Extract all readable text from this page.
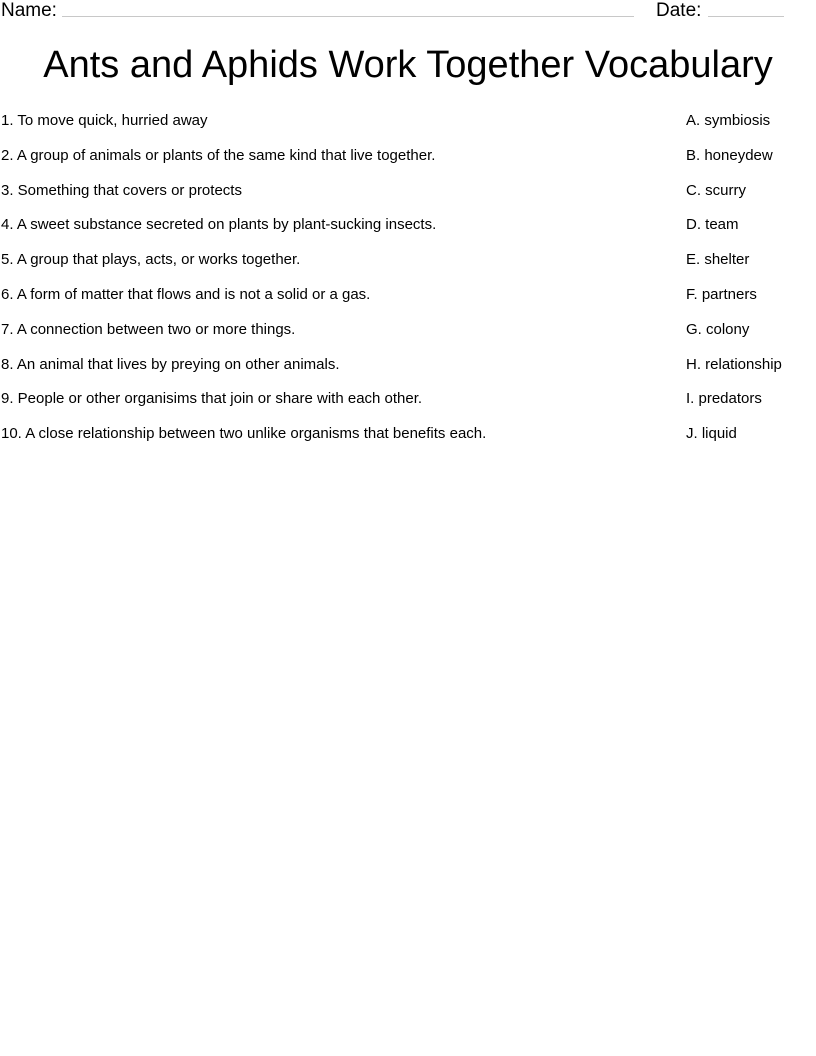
Name:	Date:
Ants and Aphids Work Together Vocabulary
1. To move quick, hurried away	A. symbiosis
2. A group of animals or plants of the same kind that live together.	B. honeydew
3. Something that covers or protects	C. scurry
4. A sweet substance secreted on plants by plant-sucking insects.	D. team
5. A group that plays, acts, or works together.	E. shelter
6. A form of matter that flows and is not a solid or a gas.	F. partners
7. A connection between two or more things.	G. colony
8. An animal that lives by preying on other animals.	H. relationship
9. People or other organisims that join or share with each other.	I. predators
10. A close relationship between two unlike organisms that benefits each.	J. liquid
